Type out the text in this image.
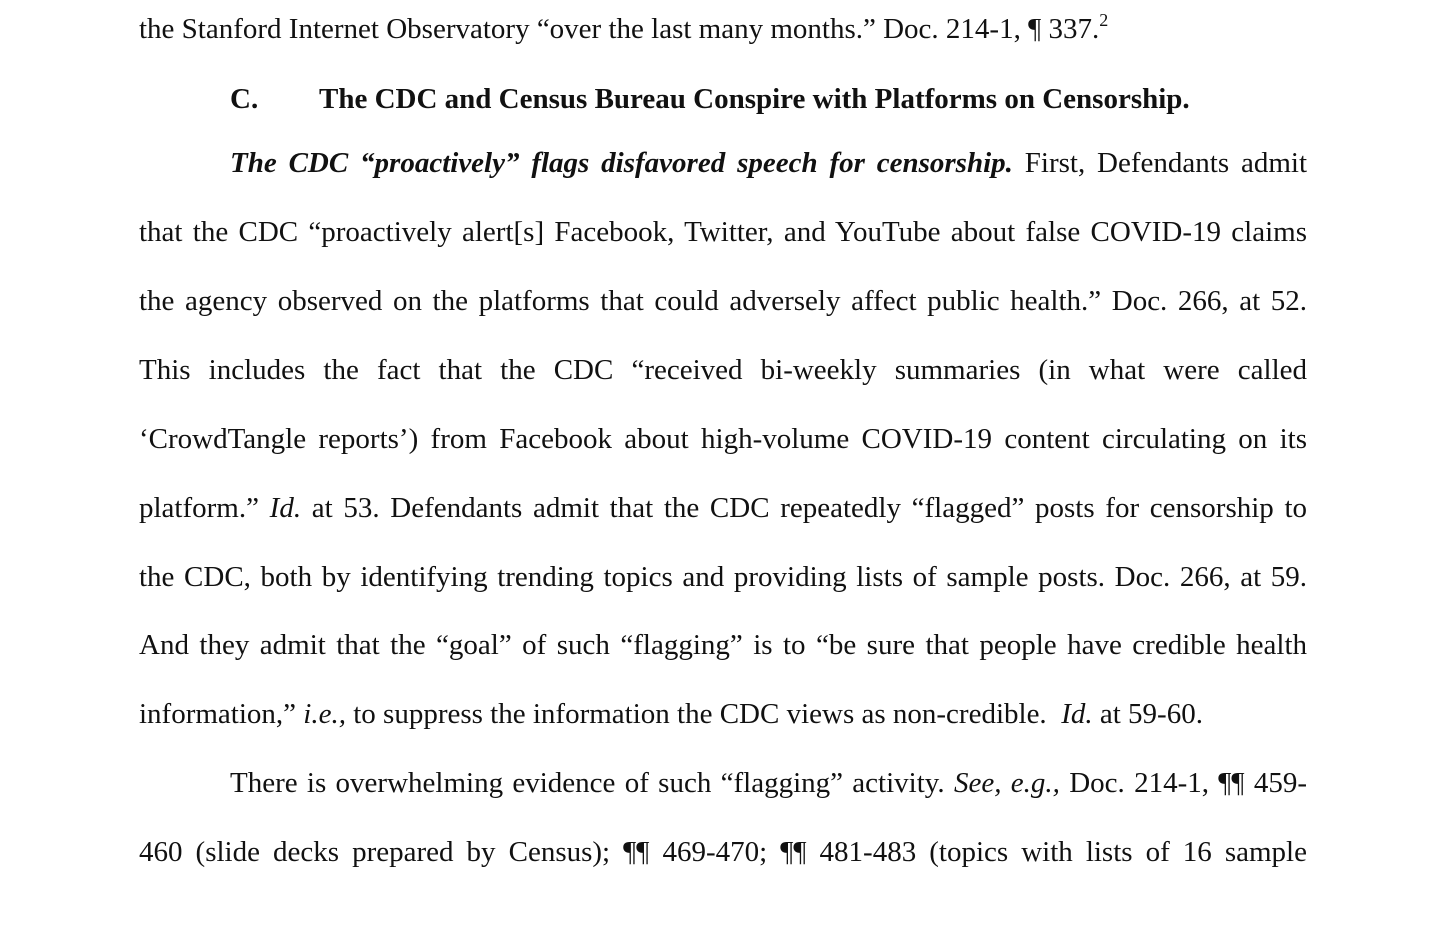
the Stanford Internet Observatory “over the last many months.” Doc. 214-1, ¶ 337.$^2$
C. The CDC and Census Bureau Conspire with Platforms on Censorship.
The CDC “proactively” flags disfavored speech for censorship. First, Defendants admit
that the CDC “proactively alert[s] Facebook, Twitter, and YouTube about false COVID-19 claims
the agency observed on the platforms that could adversely affect public health.” Doc. 266, at 52.
This includes the fact that the CDC “received bi-weekly summaries (in what were called
‘CrowdTangle reports’) from Facebook about high-volume COVID-19 content circulating on its
platform.” Id. at 53. Defendants admit that the CDC repeatedly “flagged” posts for censorship to
the CDC, both by identifying trending topics and providing lists of sample posts. Doc. 266, at 59.
And they admit that the “goal” of such “flagging” is to “be sure that people have credible health
information,” i.e., to suppress the information the CDC views as non-credible. Id. at 59-60.
There is overwhelming evidence of such “flagging” activity. See, e.g., Doc. 214-1, ¶¶ 459-
460 (slide decks prepared by Census); ¶¶ 469-470; ¶¶ 481-483 (topics with lists of 16 sample
